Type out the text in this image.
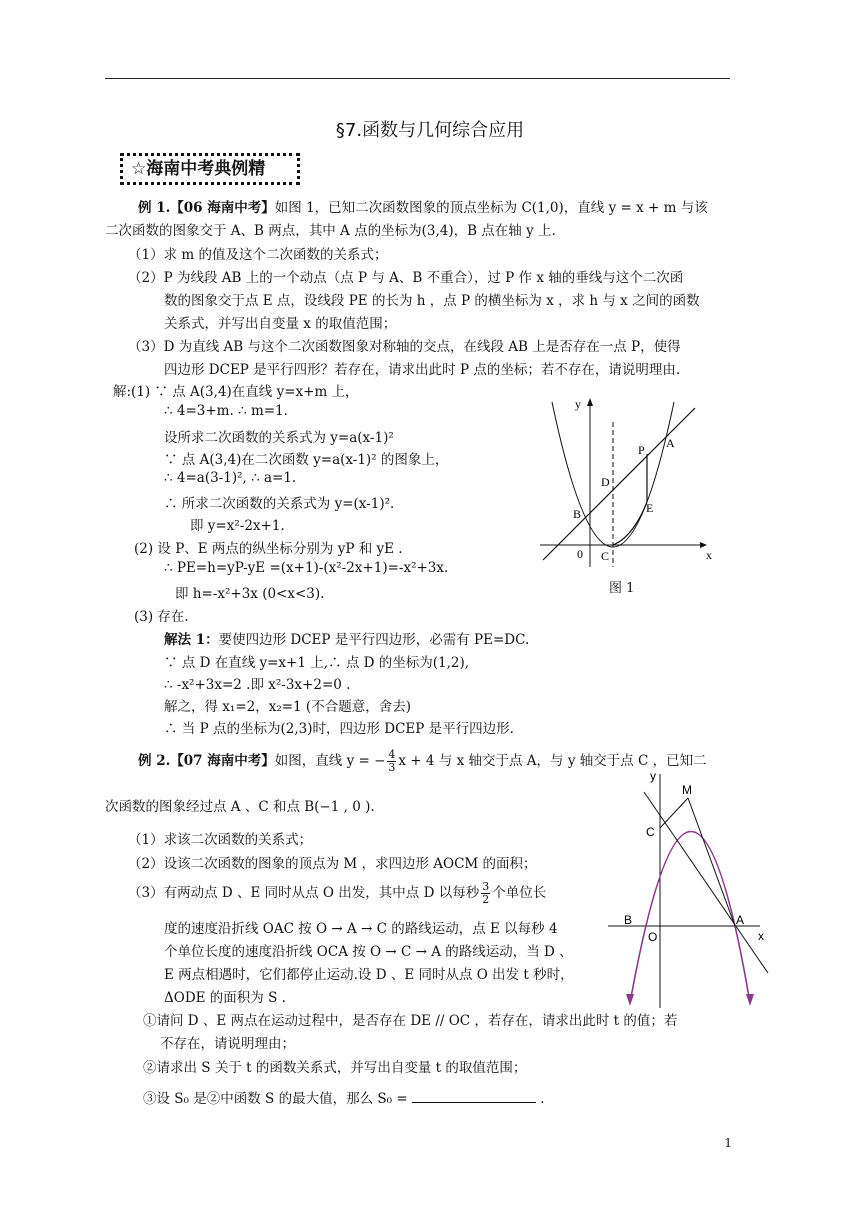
§7.函数与几何综合应用
☆海南中考典例精
例 1.【06 海南中考】如图 1，已知二次函数图象的顶点坐标为 C(1,0)，直线 y = x + m 与该
二次函数的图象交于 A、B 两点，其中 A 点的坐标为(3,4)，B 点在轴 y 上.
（1）求 m 的值及这个二次函数的关系式；
（2）P 为线段 AB 上的一个动点（点 P 与 A、B 不重合），过 P 作 x 轴的垂线与这个二次函
数的图象交于点 E 点，设线段 PE 的长为 h ，点 P 的横坐标为 x ，求 h 与 x 之间的函数
关系式，并写出自变量 x 的取值范围；
（3）D 为直线 AB 与这个二次函数图象对称轴的交点，在线段 AB 上是否存在一点 P，使得
四边形 DCEP 是平行四形？若存在，请求出此时 P 点的坐标；若不存在，请说明理由.
解:(1) ∵ 点 A(3,4)在直线 y=x+m 上，
∴ 4=3+m. ∴ m=1.
设所求二次函数的关系式为 y=a(x-1)²
∵ 点 A(3,4)在二次函数 y=a(x-1)² 的图象上，
∴ 4=a(3-1)², ∴ a=1.
∴ 所求二次函数的关系式为 y=(x-1)².
即 y=x²-2x+1.
(2) 设 P、E 两点的纵坐标分别为 yP 和 yE .
∴ PE=h=yP-yE =(x+1)-(x²-2x+1)=-x²+3x.
即 h=-x²+3x (0<x<3).
(3) 存在.
解法 1：要使四边形 DCEP 是平行四边形，必需有 PE=DC.
∵ 点 D 在直线 y=x+1 上,∴ 点 D 的坐标为(1,2),
∴ -x²+3x=2 .即 x²-3x+2=0 .
解之，得 x₁=2，x₂=1 (不合题意，舍去)
∴ 当 P 点的坐标为(2,3)时，四边形 DCEP 是平行四边形.
y
x
0 C
B
D
P A
E
图 1
例 2.【07 海南中考】如图，直线 y = − $\frac{4}{3}$ x + 4 与 x 轴交于点 A，与 y 轴交于点 C ，已知二
次函数的图象经过点 A 、C 和点 B(−1 , 0 ).
（1）求该二次函数的关系式；
（2）设该二次函数的图象的顶点为 M ，求四边形 AOCM 的面积；
（3）有两动点 D 、E 同时从点 O 出发，其中点 D 以每秒 $\frac{3}{2}$ 个单位长
度的速度沿折线 OAC 按 O → A → C 的路线运动，点 E 以每秒 4
个单位长度的速度沿折线 OCA 按 O → C → A 的路线运动，当 D 、
E 两点相遇时，它们都停止运动.设 D 、E 同时从点 O 出发 t 秒时，
ΔODE 的面积为 S .
①请问 D 、E 两点在运动过程中，是否存在 DE // OC ，若存在，请求出此时 t 的值；若
不存在，请说明理由；
②请求出 S 关于 t 的函数关系式，并写出自变量 t 的取值范围；
③设 S₀ 是②中函数 S 的最大值，那么 S₀ =	.
y
M
C
B
O
A
x
1
